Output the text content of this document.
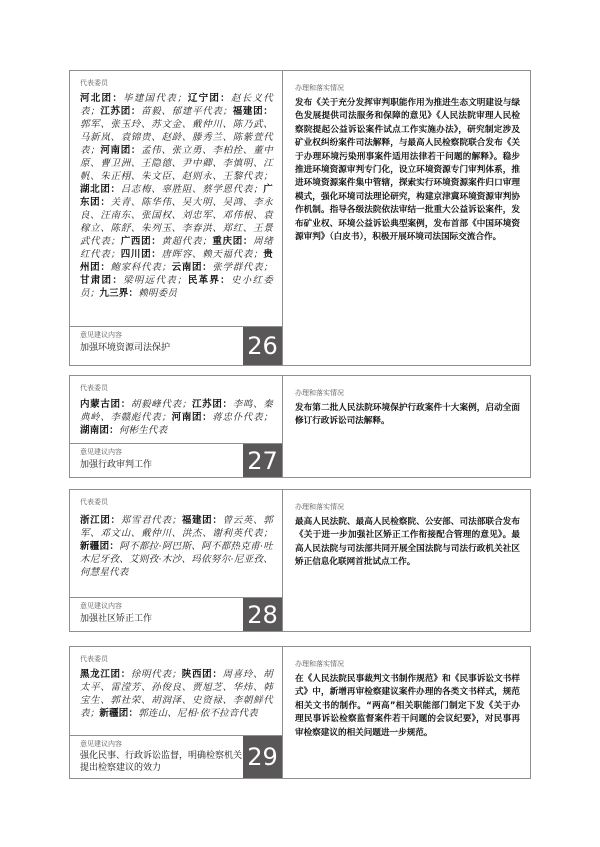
代表委员
河北团：毕建国代表；辽宁团：赵长义代表；江苏团：苗毅、郁建平代表；福建团：郭军、张玉玲、苏文金、戴仲川、陈乃武、马新岚、袁锦贵、赵龄、滕秀兰、陈紫萱代表；河南团：孟伟、张立勇、李柏拴、董中原、曹卫洲、王隐德、尹中卿、李慎明、江帆、朱正栩、朱文臣、赵则永、王黎代表；湖北团：吕志梅、辜胜阻、蔡学恩代表；广东团：关青、陈华伟、吴大明、吴鸿、李永良、汪南东、张国权、刘忠军、邓伟根、袁稼立、陈舒、朱列玉、李春洪、郑红、王景武代表；广西团：黄超代表；重庆团：周绪红代表；四川团：唐晖容、赖天福代表；贵州团：鲍家科代表；云南团：张学群代表；甘肃团：梁明远代表；民革界：史小红委员；九三界：赖明委员
意见建议内容
加强环境资源司法保护	26
办理和落实情况
发布《关于充分发挥审判职能作用为推进生态文明建设与绿色发展提供司法服务和保障的意见》《人民法院审理人民检察院提起公益诉讼案件试点工作实施办法》，研究制定涉及矿业权纠纷案件司法解释，与最高人民检察院联合发布《关于办理环境污染刑事案件适用法律若干问题的解释》。稳步推进环境资源审判专门化，设立环境资源专门审判体系，推进环境资源案件集中管辖，探索实行环境资源案件归口审理模式，强化环境司法理论研究，构建京津冀环境资源审判协作机制。指导各级法院依法审结一批重大公益诉讼案件，发布矿业权、环境公益诉讼典型案例，发布首部《中国环境资源审判》（白皮书），积极开展环境司法国际交流合作。
代表委员
内蒙古团：胡毅峰代表；江苏团：李鸣、秦典岭、李赣彪代表；河南团：蒋忠仆代表；湖南团：何彬生代表
意见建议内容
加强行政审判工作	27
办理和落实情况
发布第二批人民法院环境保护行政案件十大案例，启动全面修订行政诉讼司法解释。
代表委员
浙江团：郑雪君代表；福建团：曾云英、郭军、邓文山、戴仲川、洪杰、谢利英代表；新疆团：阿不都拉·阿巴斯、阿不都热克甫·吐木尼牙孜、艾则孜·木沙、玛依努尔·尼亚孜、何慧星代表
意见建议内容
加强社区矫正工作	28
办理和落实情况
最高人民法院、最高人民检察院、公安部、司法部联合发布《关于进一步加强社区矫正工作衔接配合管理的意见》。最高人民法院与司法部共同开展全国法院与司法行政机关社区矫正信息化联网首批试点工作。
代表委员
黑龙江团：徐明代表；陕西团：周喜玲、胡太平、雷滢芳、孙俊良、贾旭芝、华炜、韩宝生、郭社荣、胡润泽、史资禄、李朝鲜代表；新疆团：郭连山、尼相·依不拉音代表
意见建议内容
强化民事、行政诉讼监督，明确检察机关提出检察建议的效力	29
办理和落实情况
在《人民法院民事裁判文书制作规范》和《民事诉讼文书样式》中，新增再审检察建议案件办理的各类文书样式，规范相关文书的制作。“两高”相关职能部门制定下发《关于办理民事诉讼检察监督案件若干问题的会议纪要》，对民事再审检察建议的相关问题进一步规范。
